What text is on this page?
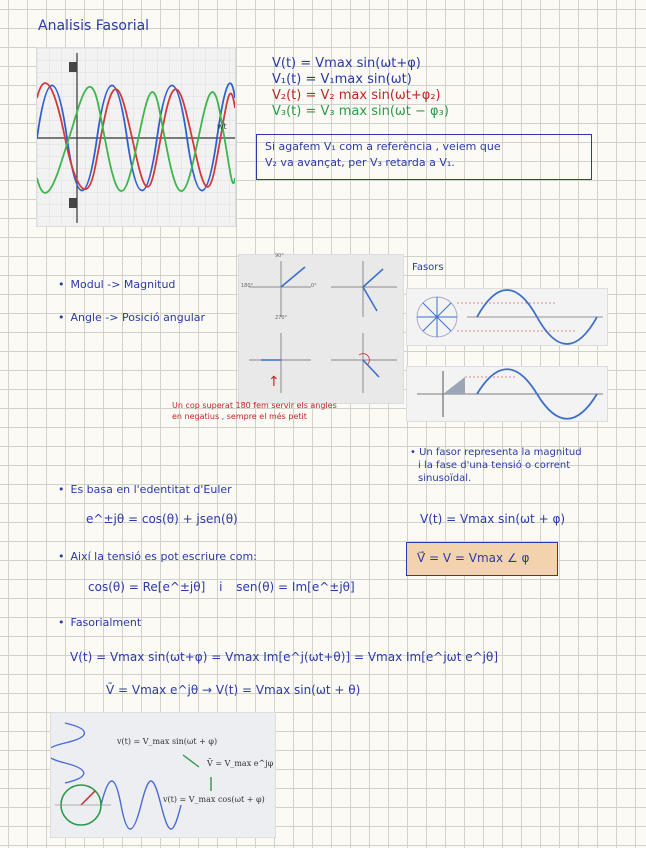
Analisis Fasorial
wt
V(t) = Vmax sin(ωt+φ)
V₁(t) = V₁max sin(ωt)
V₂(t) = V₂ max sin(ωt+φ₂)
V₃(t) = V₃ max sin(ωt − φ₃)
Si agafem V₁ com a referència , veiem que
V₂ va avançat, per V₃ retarda a V₁.
• Modul -> Magnitud
• Angle -> Posició angular
90°
180°	0°
270°
↑
Un cop superat 180 fem servir els angles
en negatius , sempre el més petit
Fasors
• Un fasor representa la magnitud
i la fase d'una tensió o corrent
sinusoïdal.
V(t) = Vmax sin(ωt + φ)
V⃗ = V = Vmax ∠ φ
• Es basa en l'edentitat d'Euler
e^±jθ = cos(θ) + jsen(θ)
• Així la tensió es pot escriure com:
cos(θ) = Re[e^±jθ] i sen(θ) = Im[e^±jθ]
• Fasorialment
V(t) = Vmax sin(ωt+φ) = Vmax Im[e^j(ωt+θ)] = Vmax Im[e^jωt e^jθ]
V̄ = Vmax e^jθ → V(t) = Vmax sin(ωt + θ)
v(t) = V_max sin(ωt + φ)
V̄ = V_max e^jφ
v(t) = V_max cos(ωt + φ)
